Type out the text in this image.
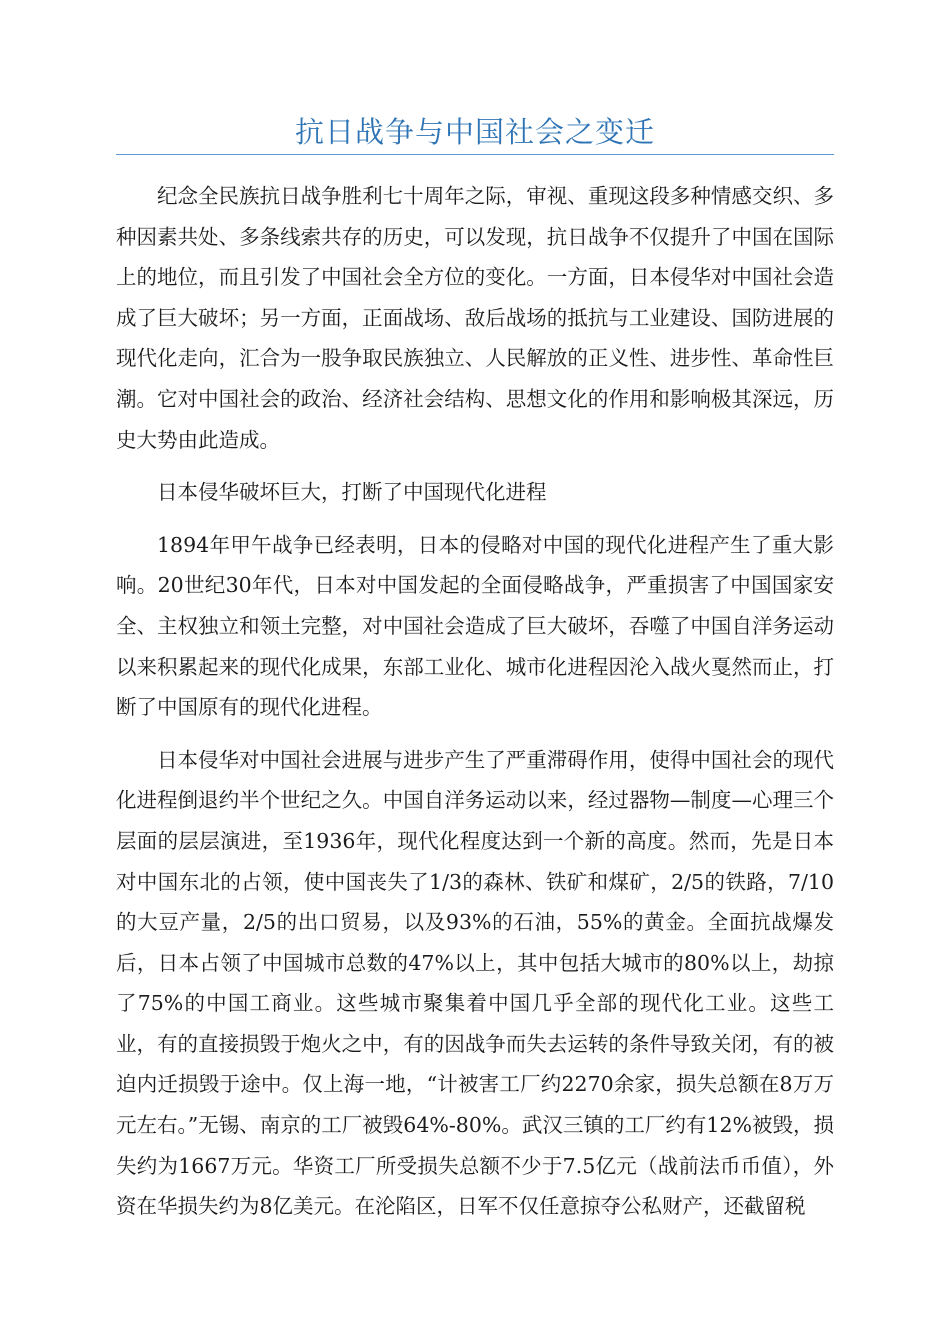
抗日战争与中国社会之变迁

纪念全民族抗日战争胜利七十周年之际，审视、重现这段多种情感交织、多种因素共处、多条线索共存的历史，可以发现，抗日战争不仅提升了中国在国际上的地位，而且引发了中国社会全方位的变化。一方面，日本侵华对中国社会造成了巨大破坏；另一方面，正面战场、敌后战场的抵抗与工业建设、国防进展的现代化走向，汇合为一股争取民族独立、人民解放的正义性、进步性、革命性巨潮。它对中国社会的政治、经济社会结构、思想文化的作用和影响极其深远，历史大势由此造成。

日本侵华破坏巨大，打断了中国现代化进程

1894年甲午战争已经表明，日本的侵略对中国的现代化进程产生了重大影响。20世纪30年代，日本对中国发起的全面侵略战争，严重损害了中国国家安全、主权独立和领土完整，对中国社会造成了巨大破坏，吞噬了中国自洋务运动以来积累起来的现代化成果，东部工业化、城市化进程因沦入战火戛然而止，打断了中国原有的现代化进程。

日本侵华对中国社会进展与进步产生了严重滞碍作用，使得中国社会的现代化进程倒退约半个世纪之久。中国自洋务运动以来，经过器物—制度—心理三个层面的层层演进，至1936年，现代化程度达到一个新的高度。然而，先是日本对中国东北的占领，使中国丧失了1/3的森林、铁矿和煤矿，2/5的铁路，7/10的大豆产量，2/5的出口贸易，以及93%的石油，55%的黄金。全面抗战爆发后，日本占领了中国城市总数的47%以上，其中包括大城市的80%以上，劫掠了75%的中国工商业。这些城市聚集着中国几乎全部的现代化工业。这些工业，有的直接损毁于炮火之中，有的因战争而失去运转的条件导致关闭，有的被迫内迁损毁于途中。仅上海一地，“计被害工厂约2270余家，损失总额在8万万元左右。”无锡、南京的工厂被毁64%-80%。武汉三镇的工厂约有12%被毁，损失约为1667万元。华资工厂所受损失总额不少于7.5亿元（战前法币币值），外资在华损失约为8亿美元。在沦陷区，日军不仅任意掠夺公私财产，还截留税
